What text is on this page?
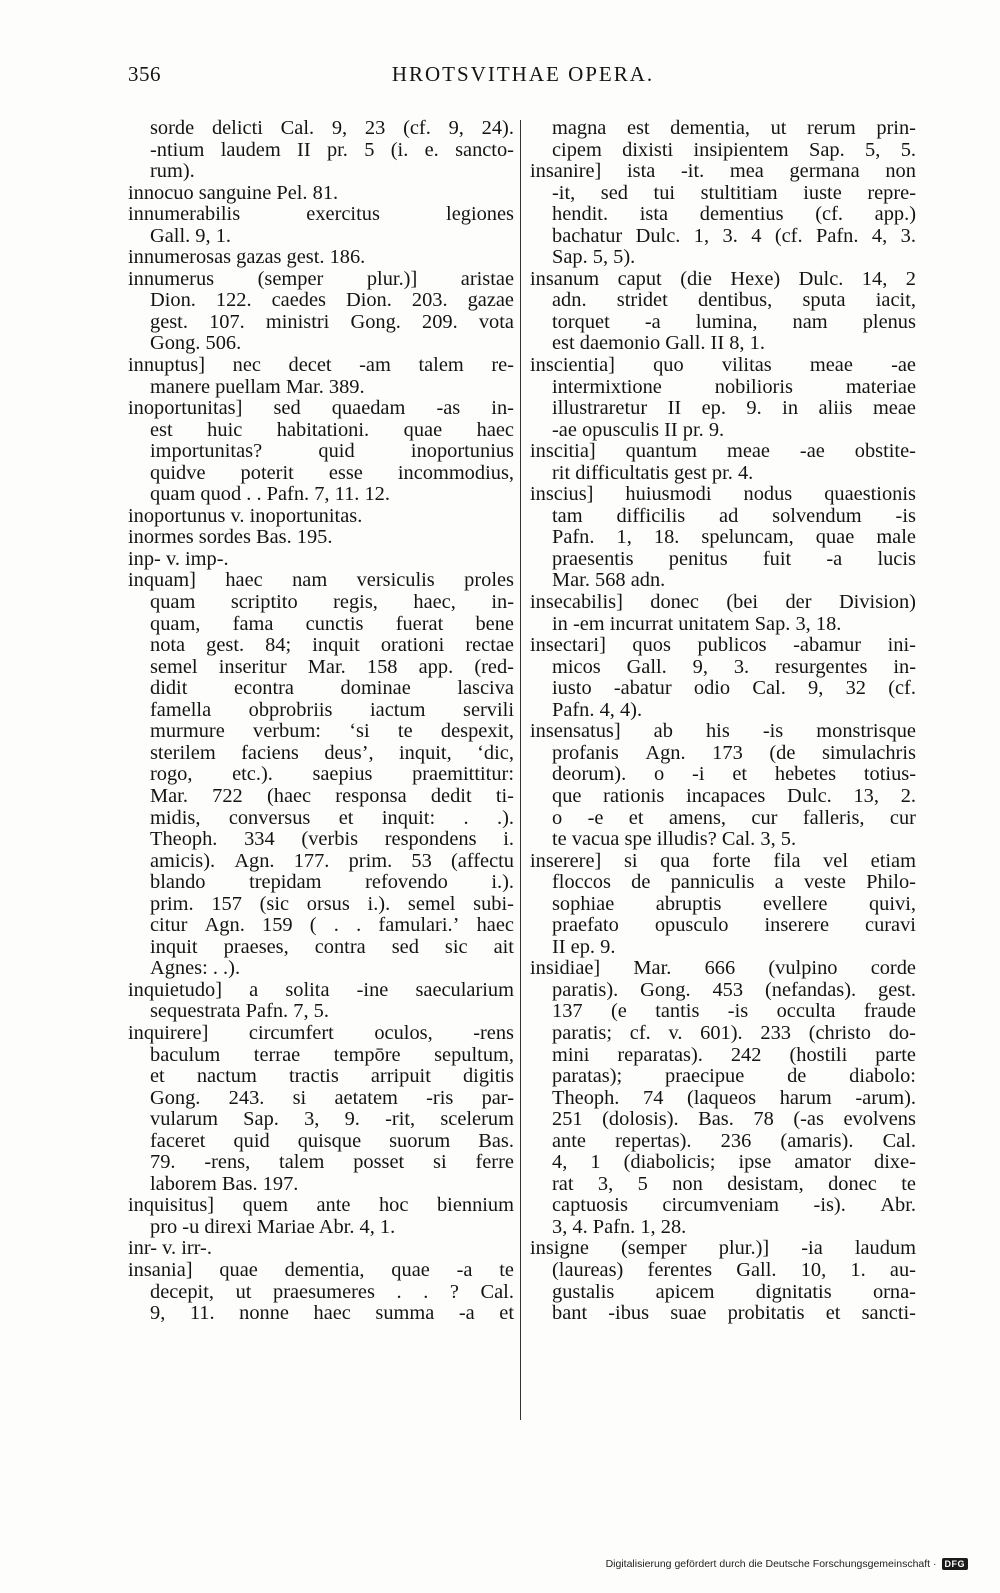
356	HROTSVITHAE OPERA.
sorde delicti Cal. 9, 23 (cf. 9, 24).
-ntium laudem II pr. 5 (i. e. sancto-
rum).
innocuo sanguine Pel. 81.
innumerabilis	exercitus	legiones
Gall. 9, 1.
innumerosas gazas gest. 186.
innumerus (semper plur.)] aristae
Dion. 122. caedes Dion. 203. gazae
gest. 107. ministri Gong. 209. vota
Gong. 506.
innuptus] nec decet -am talem re-
manere puellam Mar. 389.
inoportunitas] sed quaedam -as in-
est huic habitationi. quae haec
importunitas?	quid	inoportunius
quidve poterit esse incommodius,
quam quod . . Pafn. 7, 11. 12.
inoportunus v. inoportunitas.
inormes sordes Bas. 195.
inp- v. imp-.
inquam] haec nam versiculis proles
quam scriptito regis, haec, in-
quam, fama cunctis fuerat bene
nota gest. 84; inquit orationi rectae
semel inseritur Mar. 158 app. (red-
didit econtra dominae lasciva
famella obprobriis iactum servili
murmure verbum: ‘si te despexit,
sterilem faciens deus’, inquit, ‘dic,
rogo, etc.). saepius praemittitur:
Mar. 722 (haec responsa dedit ti-
midis, conversus et inquit: . .).
Theoph. 334 (verbis respondens i.
amicis). Agn. 177. prim. 53 (affectu
blando trepidam refovendo i.).
prim. 157 (sic orsus i.). semel subi-
citur Agn. 159 ( . . famulari.’ haec
inquit praeses, contra sed sic ait
Agnes: . .).
inquietudo] a solita -ine saecularium
sequestrata Pafn. 7, 5.
inquirere] circumfert oculos, -rens
baculum terrae tempōre sepultum,
et nactum tractis arripuit digitis
Gong. 243. si aetatem -ris par-
vularum Sap. 3, 9. -rit, scelerum
faceret quid quisque suorum Bas.
79. -rens, talem posset si ferre
laborem Bas. 197.
inquisitus] quem ante hoc biennium
pro -u direxi Mariae Abr. 4, 1.
inr- v. irr-.
insania] quae dementia, quae -a te
decepit, ut praesumeres . . ? Cal.
9, 11. nonne haec summa -a et
magna est dementia, ut rerum prin-
cipem dixisti insipientem Sap. 5, 5.
insanire] ista -it. mea germana non
-it, sed tui stultitiam iuste repre-
hendit. ista dementius (cf. app.)
bachatur Dulc. 1, 3. 4 (cf. Pafn. 4, 3.
Sap. 5, 5).
insanum caput (die Hexe) Dulc. 14, 2
adn. stridet dentibus, sputa iacit,
torquet -a lumina, nam plenus
est daemonio Gall. II 8, 1.
inscientia] quo vilitas meae -ae
intermixtione	nobilioris	materiae
illustraretur II ep. 9. in aliis meae
-ae opusculis II pr. 9.
inscitia] quantum meae -ae obstite-
rit difficultatis gest pr. 4.
inscius] huiusmodi nodus quaestionis
tam difficilis ad solvendum -is
Pafn. 1, 18. speluncam, quae male
praesentis penitus fuit -a lucis
Mar. 568 adn.
insecabilis] donec (bei der Division)
in -em incurrat unitatem Sap. 3, 18.
insectari] quos publicos -abamur ini-
micos Gall. 9, 3. resurgentes in-
iusto -abatur odio Cal. 9, 32 (cf.
Pafn. 4, 4).
insensatus] ab his -is monstrisque
profanis Agn. 173 (de simulachris
deorum). o -i et hebetes totius-
que rationis incapaces Dulc. 13, 2.
o -e et amens, cur falleris, cur
te vacua spe illudis? Cal. 3, 5.
inserere] si qua forte fila vel etiam
floccos de panniculis a veste Philo-
sophiae abruptis evellere quivi,
praefato opusculo inserere curavi
II ep. 9.
insidiae] Mar. 666 (vulpino corde
paratis). Gong. 453 (nefandas). gest.
137 (e tantis -is occulta fraude
paratis; cf. v. 601). 233 (christo do-
mini reparatas). 242 (hostili parte
paratas); praecipue de diabolo:
Theoph. 74 (laqueos harum -arum).
251 (dolosis). Bas. 78 (-as evolvens
ante repertas). 236 (amaris). Cal.
4, 1 (diabolicis; ipse amator dixe-
rat 3, 5 non desistam, donec te
captuosis circumveniam -is). Abr.
3, 4. Pafn. 1, 28.
insigne (semper plur.)] -ia laudum
(laureas) ferentes Gall. 10, 1. au-
gustalis apicem dignitatis orna-
bant -ibus suae probitatis et sancti-
Digitalisierung gefördert durch die Deutsche Forschungsgemeinschaft · DFG
